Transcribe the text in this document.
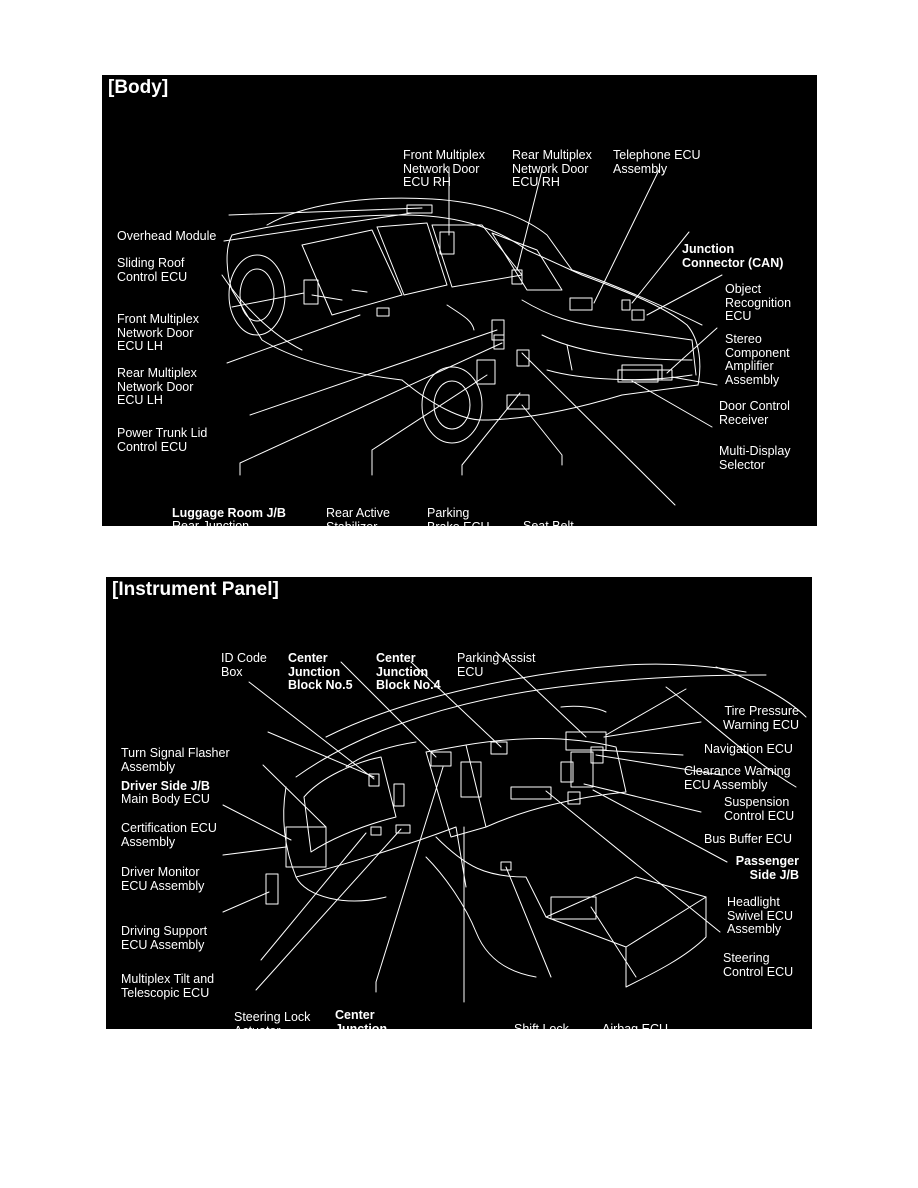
[Body]

Front Multiplex
Network Door
ECU RH

Rear Multiplex
Network Door
ECU RH

Telephone ECU
Assembly

Overhead Module

Sliding Roof
Control ECU

Junction
Connector (CAN)

Object
Recognition
ECU

Front Multiplex
Network Door
ECU LH

	Stereo
Component
Amplifier
Assembly

Rear Multiplex
Network Door
ECU LH

	Door Control
Receiver

Power Trunk Lid
Control ECU

	Multi-Display
Selector

Luggage Room J/B

Rear Junction
Block ECU

Rear Active
Stabilizer
Control ECU

Parking
Brake ECU
Assembly

Seat Belt
Control ECU

Seat Vibration ECU

[Instrument Panel]

ID Code
Box

Center
Junction
Block No.5

Center
Junction
Block No.4

Parking Assist
ECU

Tire Pressure
Warning ECU

Turn Signal Flasher
Assembly

Navigation ECU

Clearance Warning
ECU Assembly

Driver Side J/B

Main Body ECU

	Suspension
Control ECU

Certification ECU
Assembly

	Bus Buffer ECU

Passenger
Side J/B

Driver Monitor
ECU Assembly

Headlight
Swivel ECU
Assembly

Driving Support
ECU Assembly

Steering
Control ECU

Multiplex Tilt and
Telescopic ECU

Steering Lock
Actuator
Assembly

Center
Junction
Block No.3

A/C Amplifier

Shift Lock
Control ECU

Airbag ECU
Assembly
